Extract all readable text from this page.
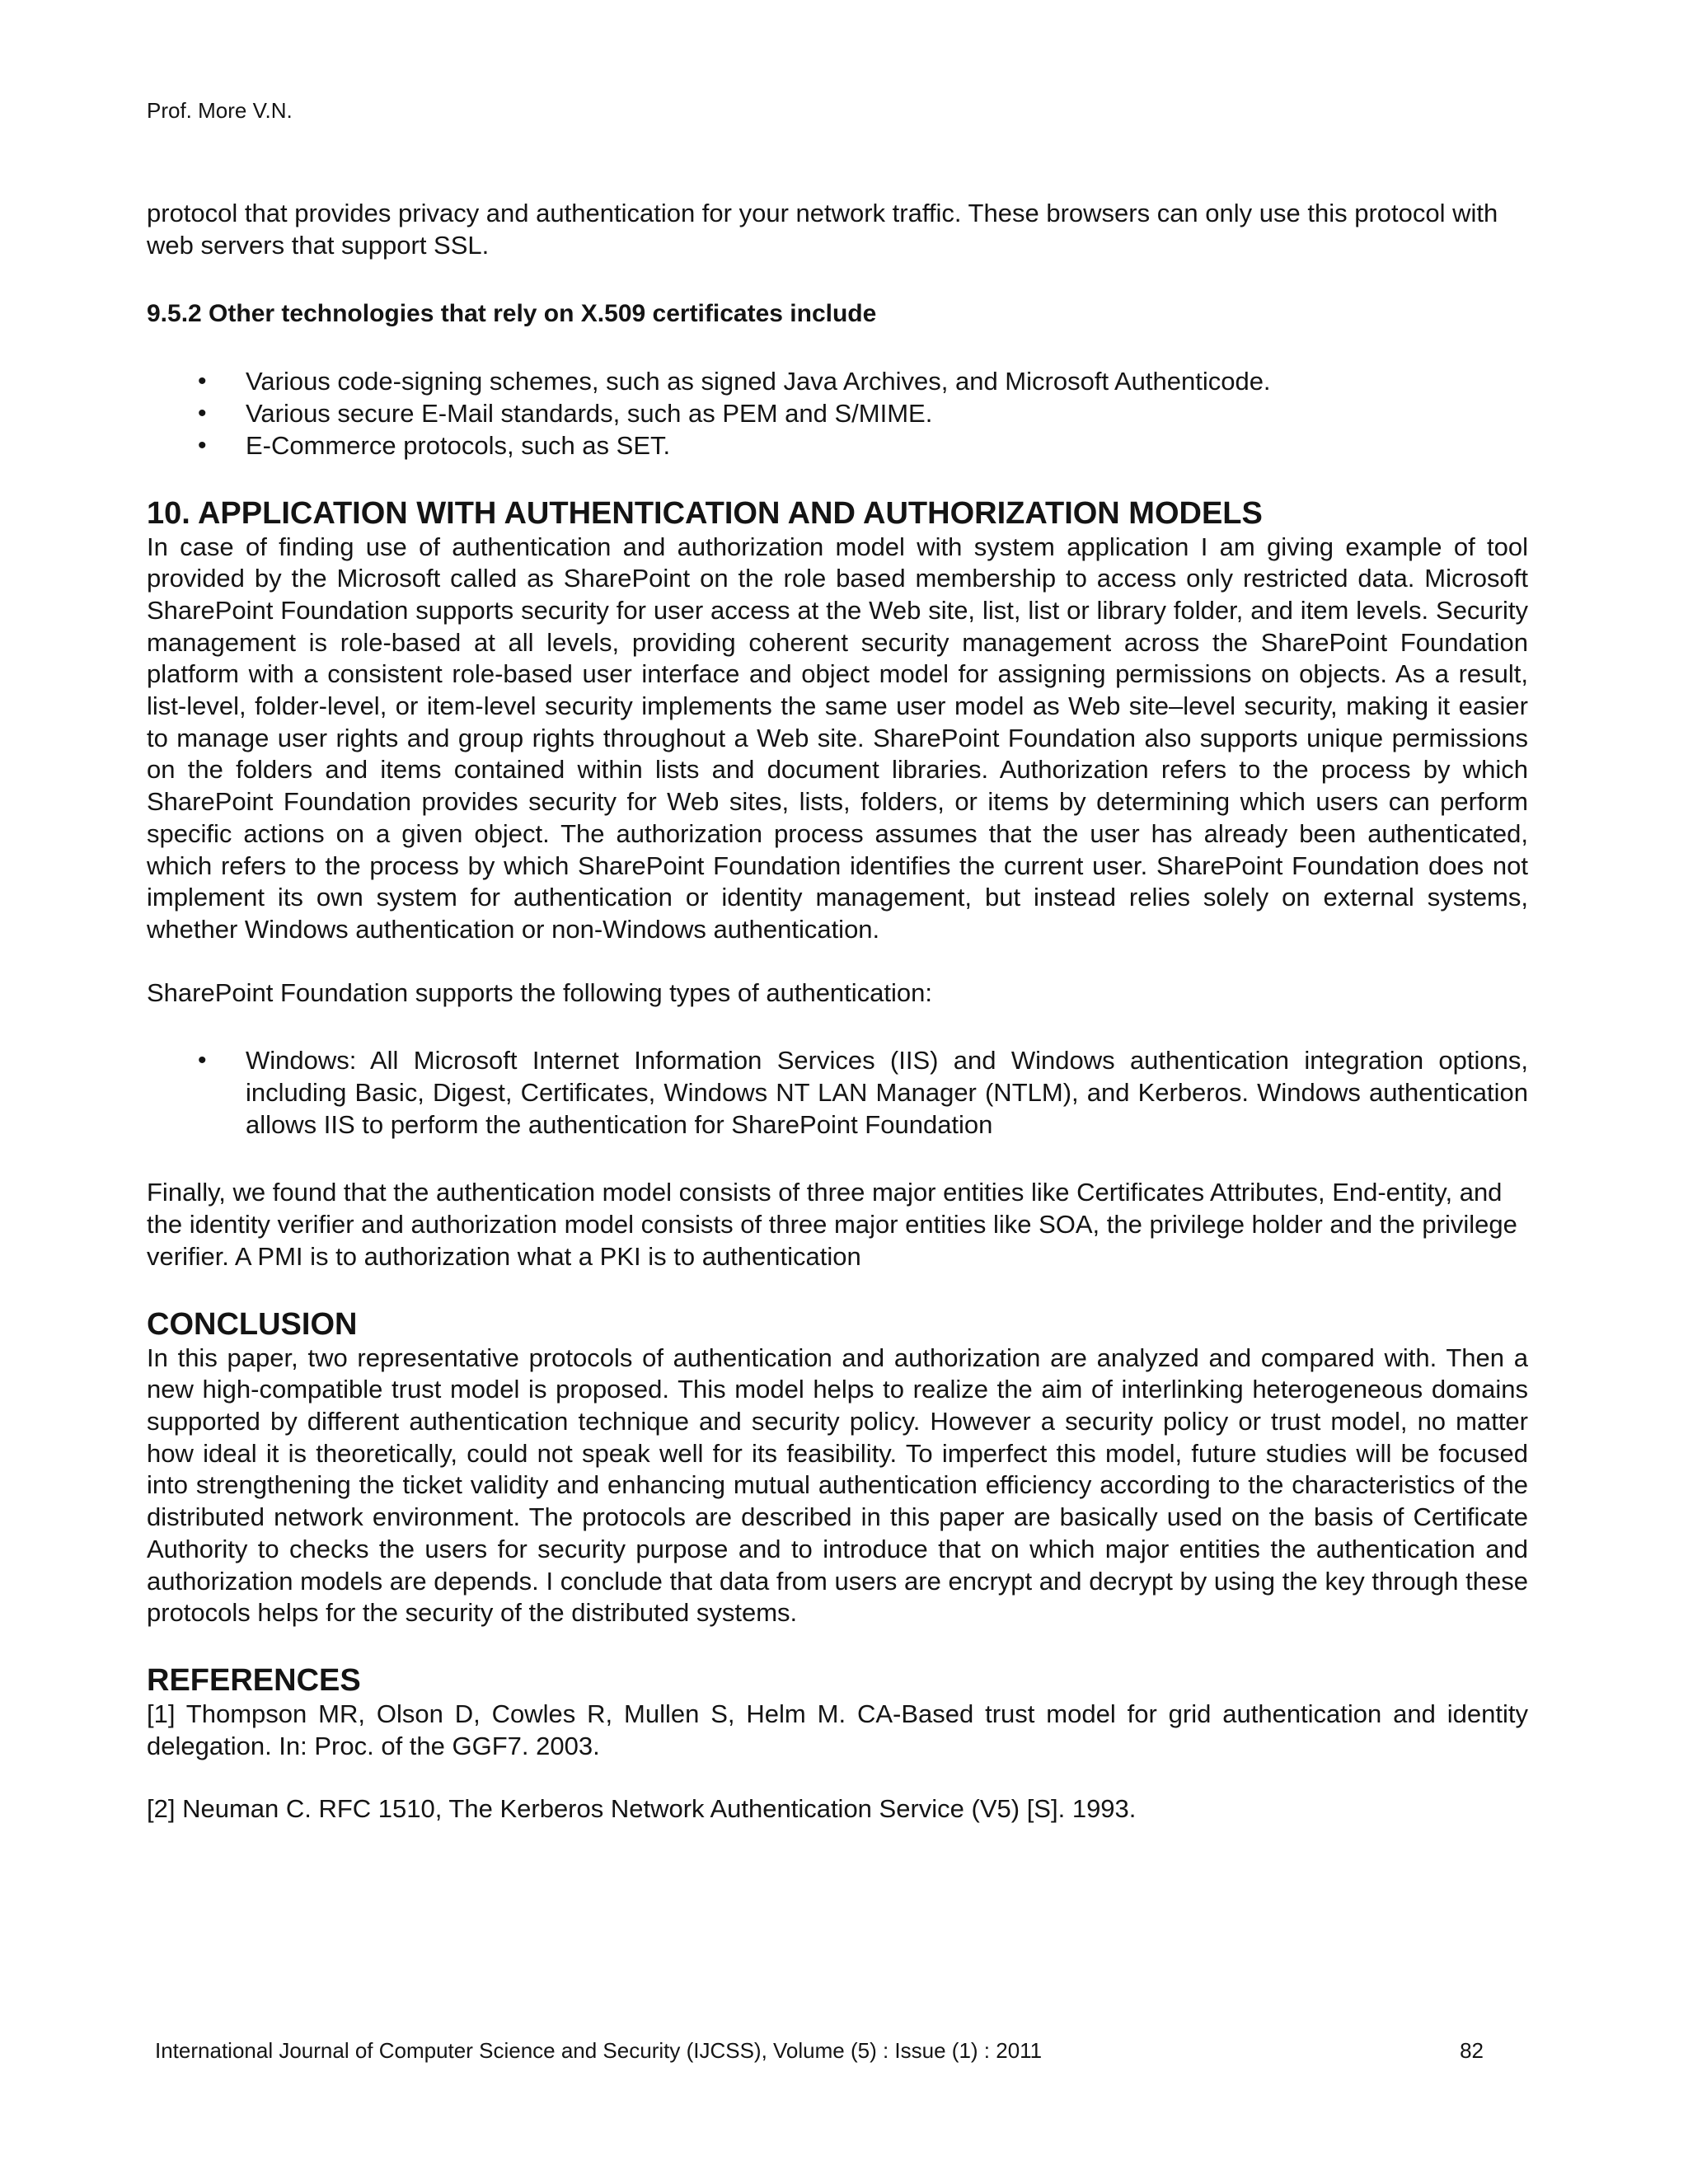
Prof. More V.N.

protocol that provides privacy and authentication for your network traffic. These browsers can only use this protocol with web servers that support SSL.

9.5.2 Other technologies that rely on X.509 certificates include
• Various code-signing schemes, such as signed Java Archives, and Microsoft Authenticode.
• Various secure E-Mail standards, such as PEM and S/MIME.
• E-Commerce protocols, such as SET.
10. APPLICATION WITH AUTHENTICATION AND AUTHORIZATION MODELS

In case of finding use of authentication and authorization model with system application I am giving example of tool provided by the Microsoft called as SharePoint on the role based membership to access only restricted data. Microsoft SharePoint Foundation supports security for user access at the Web site, list, list or library folder, and item levels. Security management is role-based at all levels, providing coherent security management across the SharePoint Foundation platform with a consistent role-based user interface and object model for assigning permissions on objects. As a result, list-level, folder-level, or item-level security implements the same user model as Web site–level security, making it easier to manage user rights and group rights throughout a Web site. SharePoint Foundation also supports unique permissions on the folders and items contained within lists and document libraries. Authorization refers to the process by which SharePoint Foundation provides security for Web sites, lists, folders, or items by determining which users can perform specific actions on a given object. The authorization process assumes that the user has already been authenticated, which refers to the process by which SharePoint Foundation identifies the current user. SharePoint Foundation does not implement its own system for authentication or identity management, but instead relies solely on external systems, whether Windows authentication or non-Windows authentication.

SharePoint Foundation supports the following types of authentication:

• Windows: All Microsoft Internet Information Services (IIS) and Windows authentication integration options, including Basic, Digest, Certificates, Windows NT LAN Manager (NTLM), and Kerberos. Windows authentication allows IIS to perform the authentication for SharePoint Foundation

Finally, we found that the authentication model consists of three major entities like Certificates Attributes, End-entity, and the identity verifier and authorization model consists of three major entities like SOA, the privilege holder and the privilege verifier. A PMI is to authorization what a PKI is to authentication

CONCLUSION

In this paper, two representative protocols of authentication and authorization are analyzed and compared with. Then a new high-compatible trust model is proposed. This model helps to realize the aim of interlinking heterogeneous domains supported by different authentication technique and security policy. However a security policy or trust model, no matter how ideal it is theoretically, could not speak well for its feasibility. To imperfect this model, future studies will be focused into strengthening the ticket validity and enhancing mutual authentication efficiency according to the characteristics of the distributed network environment. The protocols are described in this paper are basically used on the basis of Certificate Authority to checks the users for security purpose and to introduce that on which major entities the authentication and authorization models are depends. I conclude that data from users are encrypt and decrypt by using the key through these protocols helps for the security of the distributed systems.

REFERENCES

[1] Thompson MR, Olson D, Cowles R, Mullen S, Helm M. CA-Based trust model for grid authentication and identity delegation. In: Proc. of the GGF7. 2003.

[2] Neuman C. RFC 1510, The Kerberos Network Authentication Service (V5) [S]. 1993.

International Journal of Computer Science and Security (IJCSS), Volume (5) : Issue (1) : 2011	82
